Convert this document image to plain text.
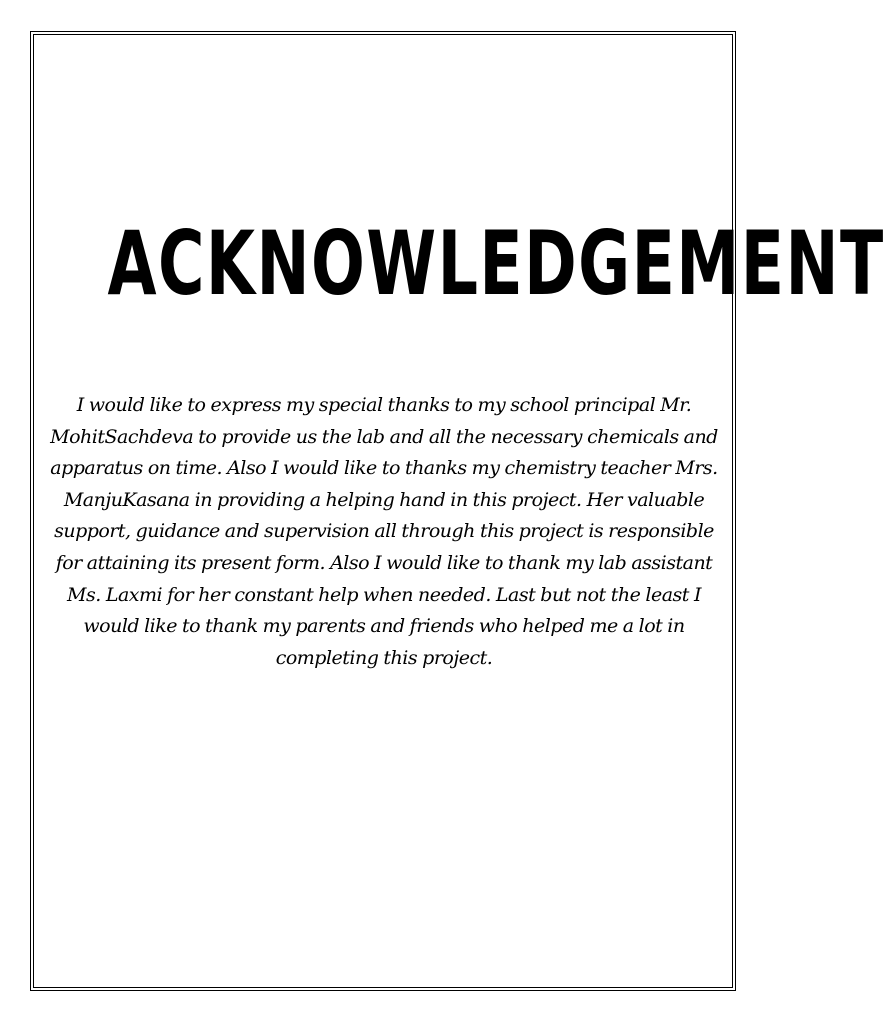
ACKNOWLEDGEMENT

I would like to express my special thanks to my school principal Mr. MohitSachdeva to provide us the lab and all the necessary chemicals and apparatus on time. Also I would like to thanks my chemistry teacher Mrs. ManjuKasana in providing a helping hand in this project. Her valuable support, guidance and supervision all through this project is responsible for attaining its present form. Also I would like to thank my lab assistant Ms. Laxmi for her constant help when needed. Last but not the least I would like to thank my parents and friends who helped me a lot in completing this project.
